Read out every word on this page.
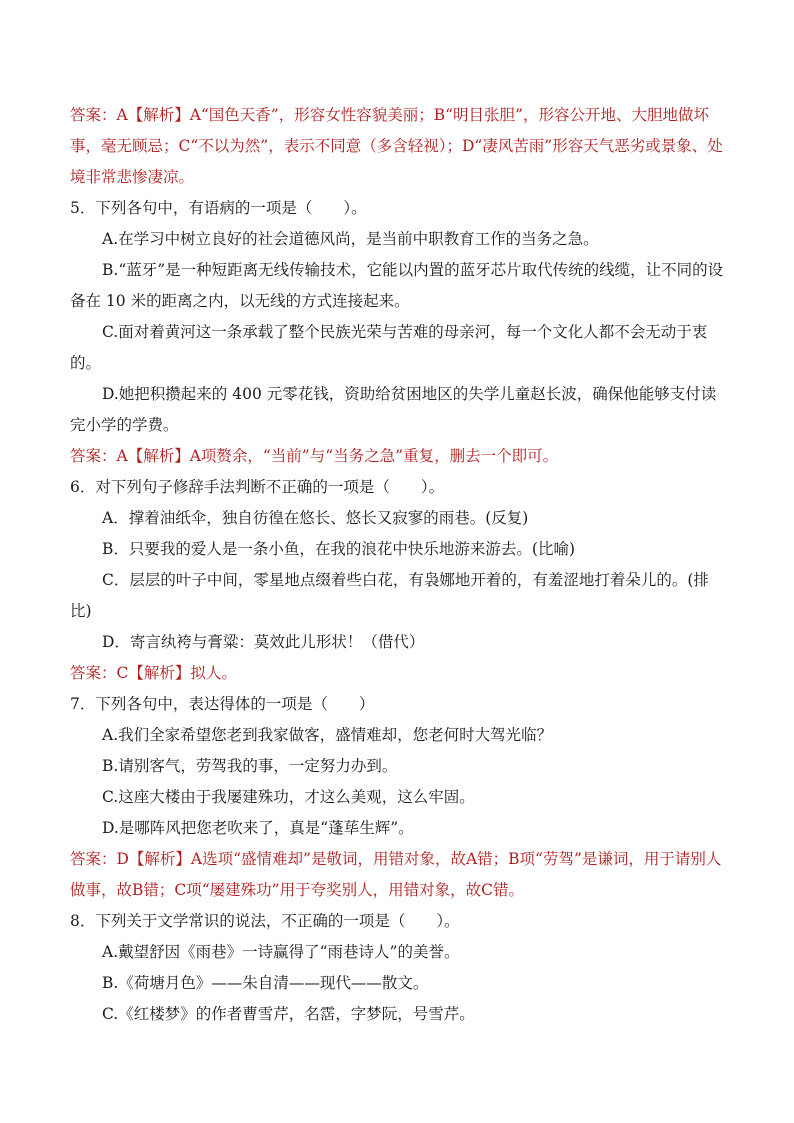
答案：A【解析】A“国色天香”，形容女性容貌美丽；B“明目张胆”，形容公开地、大胆地做坏事，毫无顾忌；C“不以为然”，表示不同意（多含轻视）；D“凄风苦雨”形容天气恶劣或景象、处境非常悲惨凄凉。

5．下列各句中，有语病的一项是（　　）。

A.在学习中树立良好的社会道德风尚，是当前中职教育工作的当务之急。

B.“蓝牙”是一种短距离无线传输技术，它能以内置的蓝牙芯片取代传统的线缆，让不同的设备在 10 米的距离之内，以无线的方式连接起来。

C.面对着黄河这一条承载了整个民族光荣与苦难的母亲河，每一个文化人都不会无动于衷的。

D.她把积攒起来的 400 元零花钱，资助给贫困地区的失学儿童赵长波，确保他能够支付读完小学的学费。

答案：A【解析】A项赘余，“当前”与“当务之急”重复，删去一个即可。

6．对下列句子修辞手法判断不正确的一项是（　　）。

A．撑着油纸伞，独自彷徨在悠长、悠长又寂寥的雨巷。(反复)

B．只要我的爱人是一条小鱼，在我的浪花中快乐地游来游去。(比喻)

C．层层的叶子中间，零星地点缀着些白花，有袅娜地开着的，有羞涩地打着朵儿的。(排比)

D．寄言纨袴与膏粱：莫效此儿形状！（借代）

答案：C【解析】拟人。

7．下列各句中，表达得体的一项是（　　）

A.我们全家希望您老到我家做客，盛情难却，您老何时大驾光临？

B.请别客气，劳驾我的事，一定努力办到。

C.这座大楼由于我屡建殊功，才这么美观，这么牢固。

D.是哪阵风把您老吹来了，真是“蓬荜生辉”。

答案：D【解析】A选项“盛情难却”是敬词，用错对象，故A错；B项“劳驾”是谦词，用于请别人做事，故B错；C项“屡建殊功”用于夸奖别人，用错对象，故C错。

8．下列关于文学常识的说法，不正确的一项是（　　）。

A.戴望舒因《雨巷》一诗赢得了“雨巷诗人”的美誉。

B.《荷塘月色》——朱自清——现代——散文。

C.《红楼梦》的作者曹雪芹，名霑，字梦阮，号雪芹。
